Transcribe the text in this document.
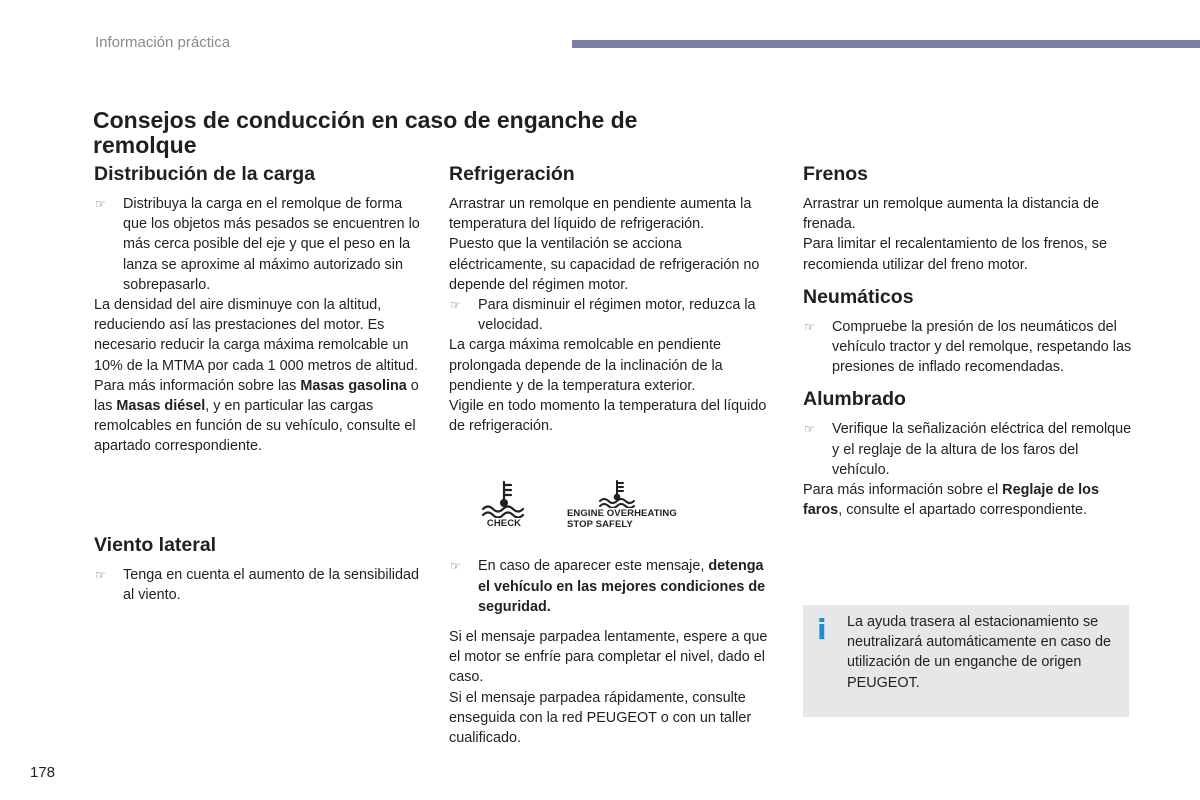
Información práctica
Consejos de conducción en caso de enganche de remolque
Distribución de la carga
☞ Distribuya la carga en el remolque de forma que los objetos más pesados se encuentren lo más cerca posible del eje y que el peso en la lanza se aproxime al máximo autorizado sin sobrepasarlo.

La densidad del aire disminuye con la altitud, reduciendo así las prestaciones del motor. Es necesario reducir la carga máxima remolcable un 10% de la MTMA por cada 1 000 metros de altitud.

Para más información sobre las Masas gasolina o las Masas diésel, y en particular las cargas remolcables en función de su vehículo, consulte el apartado correspondiente.

Viento lateral
☞ Tenga en cuenta el aumento de la sensibilidad al viento.
Refrigeración

Arrastrar un remolque en pendiente aumenta la temperatura del líquido de refrigeración.

Puesto que la ventilación se acciona eléctricamente, su capacidad de refrigeración no depende del régimen motor.

☞ Para disminuir el régimen motor, reduzca la velocidad.

La carga máxima remolcable en pendiente prolongada depende de la inclinación de la pendiente y de la temperatura exterior.

Vigile en todo momento la temperatura del líquido de refrigeración.

CHECK
ENGINE OVERHEATING
STOP SAFELY
☞ En caso de aparecer este mensaje, detenga el vehículo en las mejores condiciones de seguridad.

Si el mensaje parpadea lentamente, espere a que el motor se enfríe para completar el nivel, dado el caso.

Si el mensaje parpadea rápidamente, consulte enseguida con la red PEUGEOT o con un taller cualificado.

Frenos

Arrastrar un remolque aumenta la distancia de frenada.

Para limitar el recalentamiento de los frenos, se recomienda utilizar del freno motor.

Neumáticos
☞ Compruebe la presión de los neumáticos del vehículo tractor y del remolque, respetando las presiones de inflado recomendadas.
Alumbrado
☞ Verifique la señalización eléctrica del remolque y el reglaje de la altura de los faros del vehículo.

Para más información sobre el Reglaje de los faros, consulte el apartado correspondiente.

i La ayuda trasera al estacionamiento se neutralizará automáticamente en caso de utilización de un enganche de origen PEUGEOT.
178
